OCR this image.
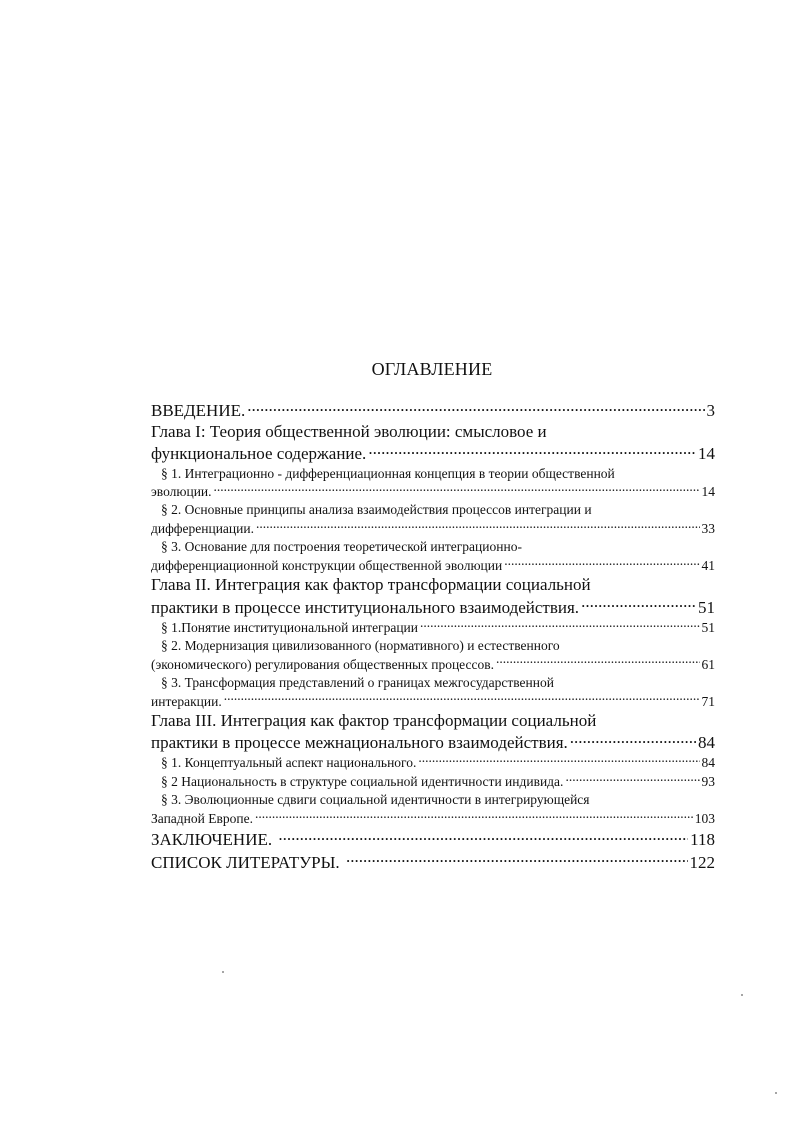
ОГЛАВЛЕНИЕ
ВВЕДЕНИЕ. .....	3
Глава I: Теория общественной эволюции: смысловое и
функциональное содержание. .....	14
§ 1. Интеграционно - дифференциационная концепция в теории общественной
эволюции. .....	14
§ 2. Основные принципы анализа взаимодействия процессов интеграции и
дифференциации. .....	33
§ 3. Основание для построения теоретической интеграционно-
дифференциационной конструкции общественной эволюции .....	41
Глава II. Интеграция как фактор трансформации социальной
практики в процессе институционального взаимодействия. .....	51
§ 1.Понятие институциональной интеграции .....	51
§ 2. Модернизация цивилизованного (нормативного) и естественного
(экономического) регулирования общественных процессов. .....	61
§ 3. Трансформация представлений о границах межгосударственной
интеракции. .....	71
Глава III. Интеграция как фактор трансформации социальной
практики в процессе межнационального взаимодействия. .....	84
§ 1. Концептуальный аспект национального. .....	84
§ 2 Национальность в структуре социальной идентичности индивида. .....	93
§ 3. Эволюционные сдвиги социальной идентичности в интегрирующейся
Западной Европе. .....	103
ЗАКЛЮЧЕНИЕ. .....	118
СПИСОК ЛИТЕРАТУРЫ. .....	122
